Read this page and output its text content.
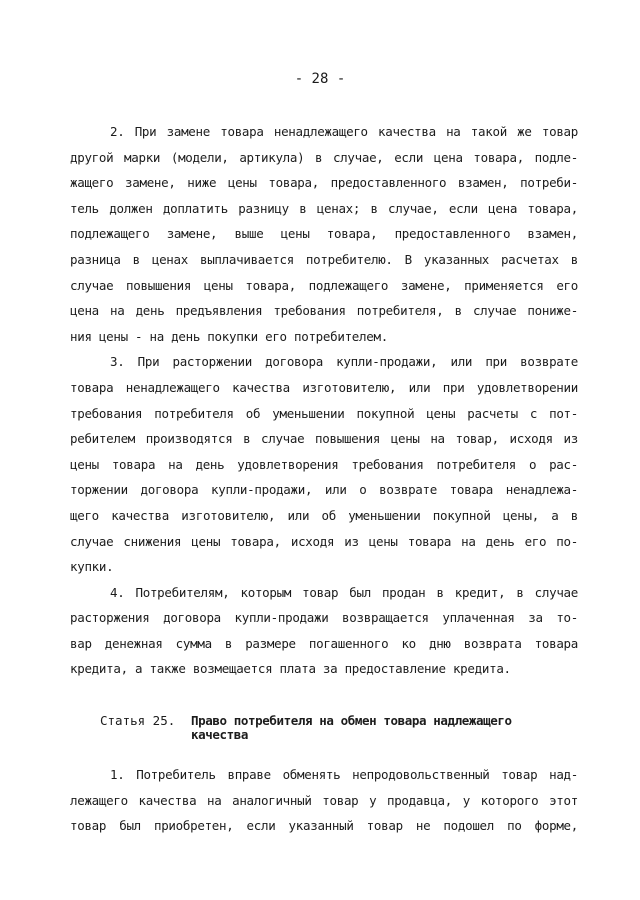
- 28 -
2. При замене товара ненадлежащего качества на такой же товар
другой марки (модели, артикула) в случае, если цена товара, подле-
жащего замене, ниже цены товара, предоставленного взамен, потреби-
тель должен доплатить разницу в ценах; в случае, если цена товара,
подлежащего замене, выше цены товара, предоставленного взамен,
разница в ценах выплачивается потребителю. В указанных расчетах в
случае повышения цены товара, подлежащего замене, применяется его
цена на день предъявления требования потребителя, в случае пониже-
ния цены - на день покупки его потребителем.
3. При расторжении договора купли-продажи, или при возврате
товара ненадлежащего качества изготовителю, или при удовлетворении
требования потребителя об уменьшении покупной цены расчеты с пот-
ребителем производятся в случае повышения цены на товар, исходя из
цены товара на день удовлетворения требования потребителя о рас-
торжении договора купли-продажи, или о возврате товара ненадлежа-
щего качества изготовителю, или об уменьшении покупной цены, а в
случае снижения цены товара, исходя из цены товара на день его по-
купки.
4. Потребителям, которым товар был продан в кредит, в случае
расторжения договора купли-продажи возвращается уплаченная за то-
вар денежная сумма в размере погашенного ко дню возврата товара
кредита, а также возмещается плата за предоставление кредита.
Статья 25. Право потребителя на обмен товара надлежащего качества
1. Потребитель вправе обменять непродовольственный товар над-
лежащего качества на аналогичный товар у продавца, у которого этот
товар был приобретен, если указанный товар не подошел по форме,
